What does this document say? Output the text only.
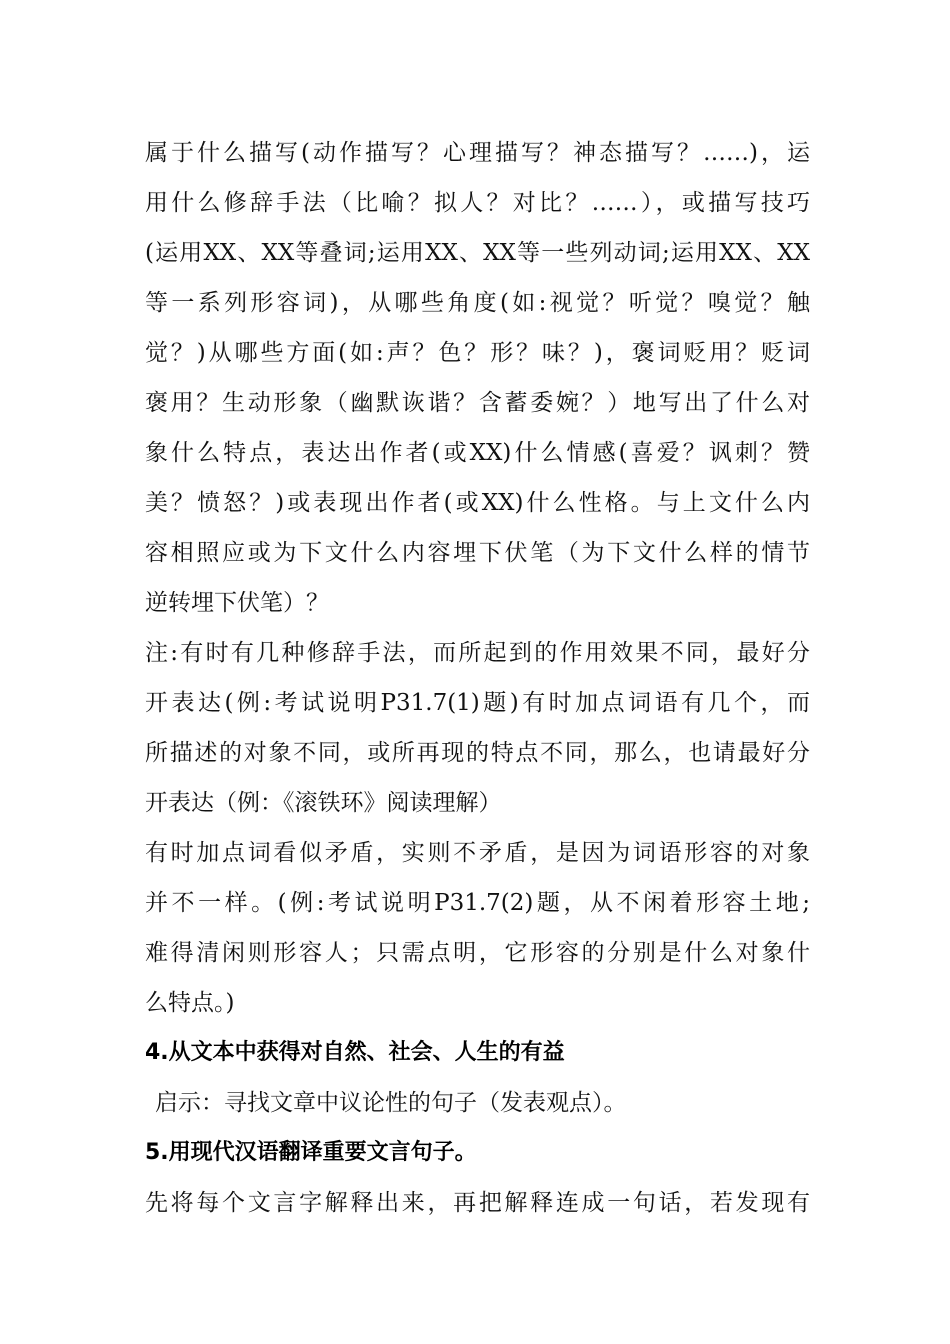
属于什么描写(动作描写？心理描写？神态描写？……)，运
用什么修辞手法（比喻？拟人？对比？……），或描写技巧
(运用XX、XX等叠词;运用XX、XX等一些列动词;运用XX、XX
等一系列形容词)，从哪些角度(如:视觉？听觉？嗅觉？触
觉？)从哪些方面(如:声？色？形？味？)，褒词贬用？贬词
褒用？生动形象（幽默诙谐？含蓄委婉？）地写出了什么对
象什么特点，表达出作者(或XX)什么情感(喜爱？讽刺？赞
美？愤怒？)或表现出作者(或XX)什么性格。与上文什么内
容相照应或为下文什么内容埋下伏笔（为下文什么样的情节
逆转埋下伏笔）？
注:有时有几种修辞手法，而所起到的作用效果不同，最好分
开表达(例:考试说明P31.7(1)题)有时加点词语有几个，而
所描述的对象不同，或所再现的特点不同，那么，也请最好分
开表达（例：《滚铁环》阅读理解）
有时加点词看似矛盾，实则不矛盾，是因为词语形容的对象
并不一样。(例:考试说明P31.7(2)题，从不闲着形容土地;
难得清闲则形容人；只需点明，它形容的分别是什么对象什
么特点。)
4.从文本中获得对自然、社会、人生的有益
启示：寻找文章中议论性的句子（发表观点）。
5.用现代汉语翻译重要文言句子。
先将每个文言字解释出来，再把解释连成一句话，若发现有
